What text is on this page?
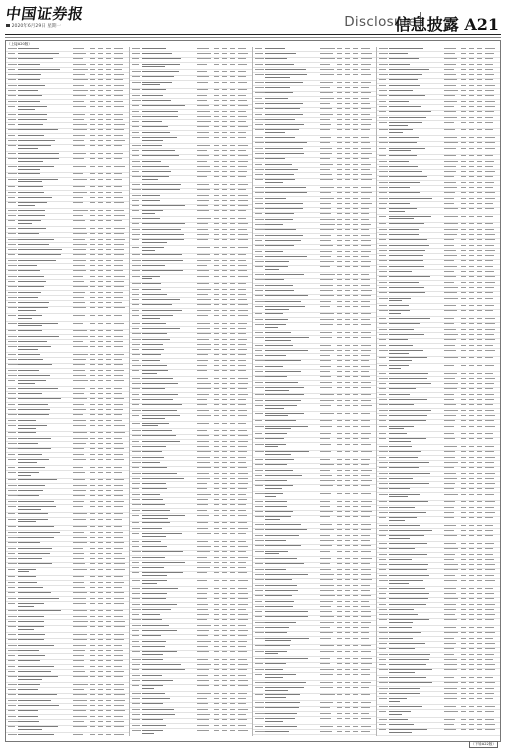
中国证券报
2020年6月29日 星期一	Disclosure
信息披露 A21
（上接A20版）
（下转A22版）
